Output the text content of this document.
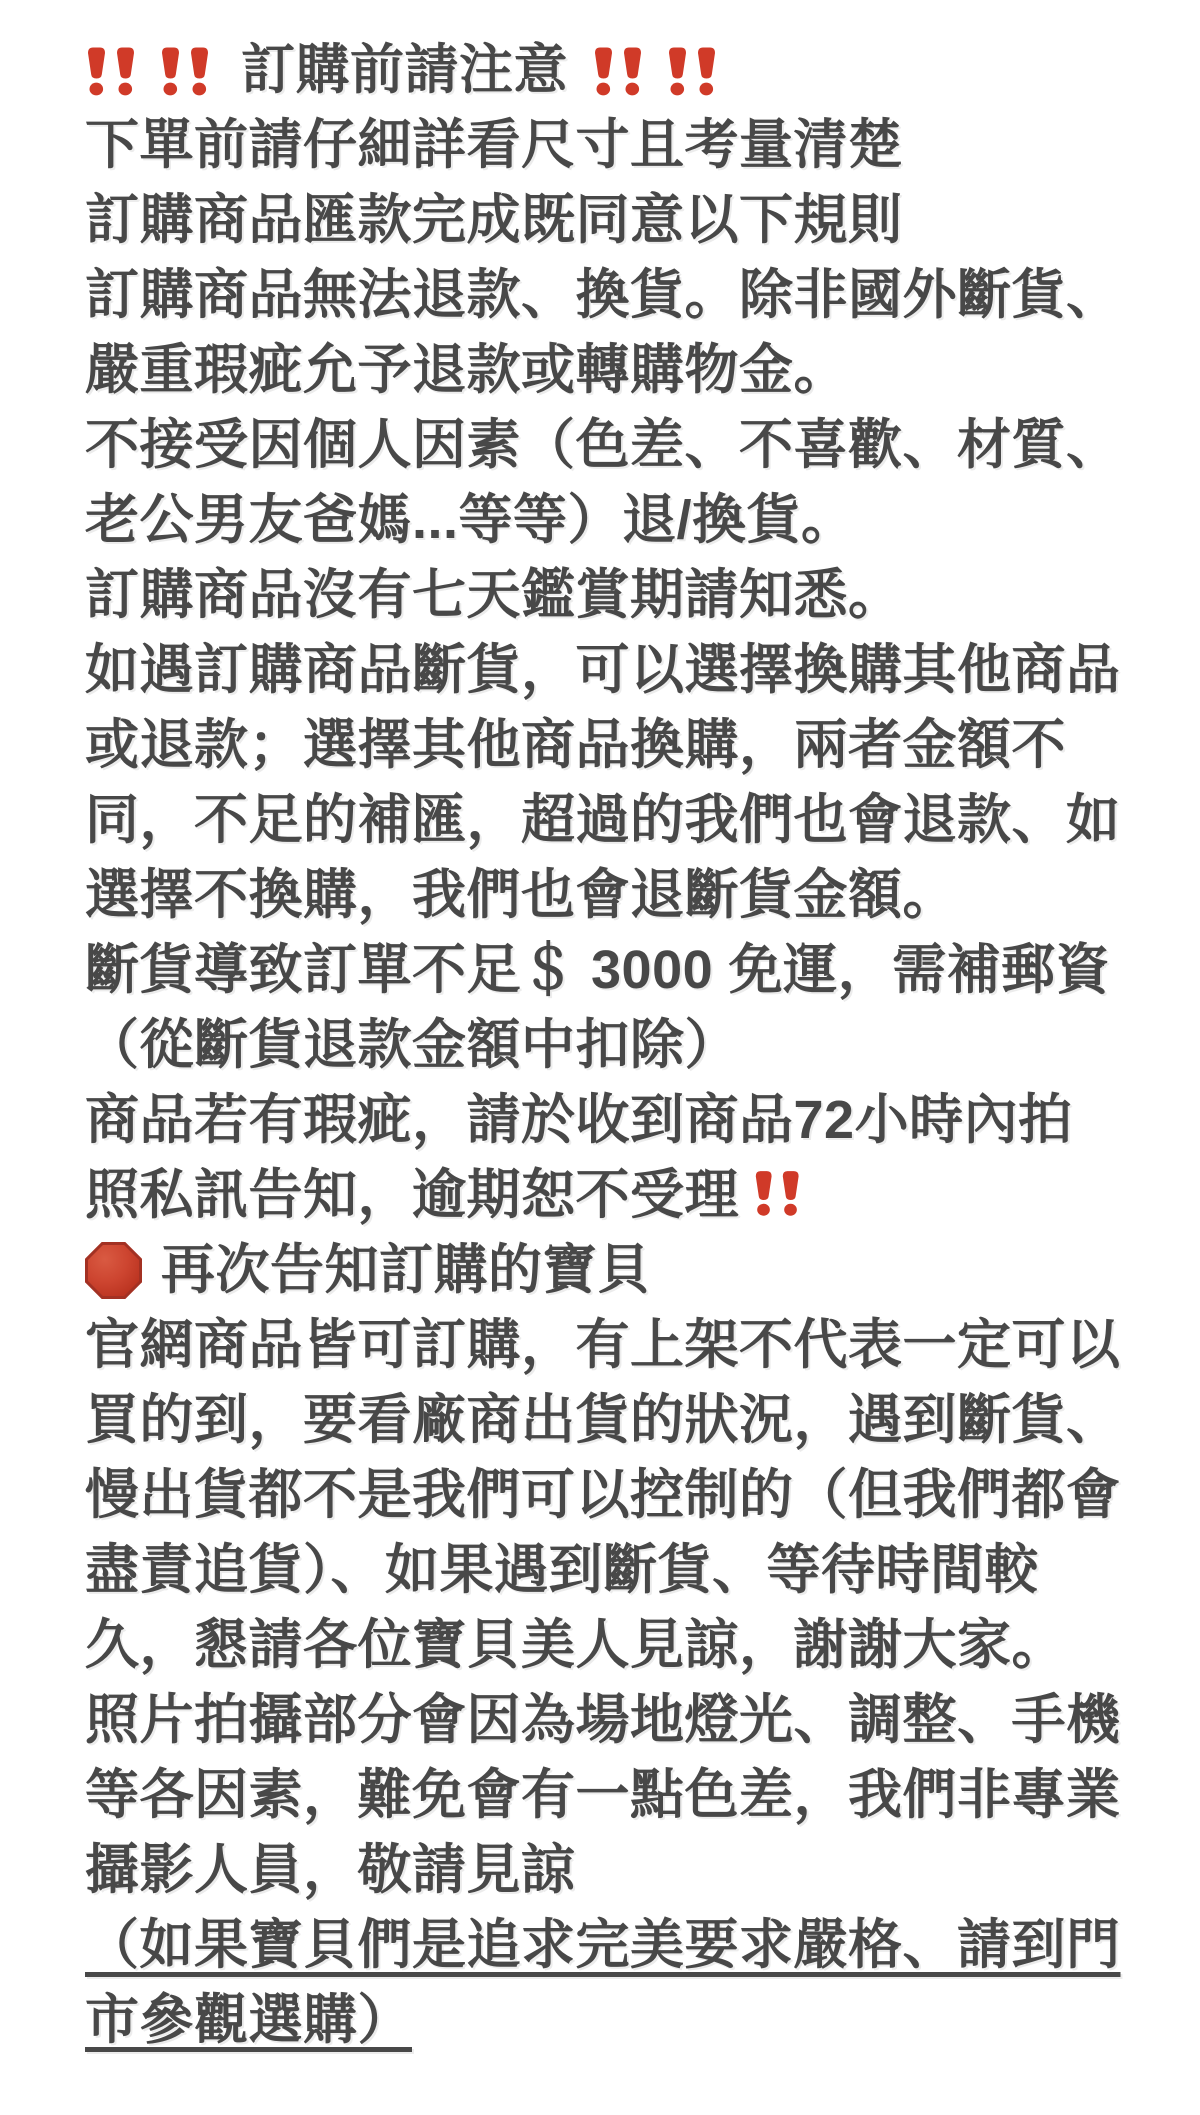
訂購前請注意
下單前請仔細詳看尺寸且考量清楚
訂購商品匯款完成既同意以下規則
訂購商品無法退款、換貨。除非國外斷貨、
嚴重瑕疵允予退款或轉購物金。
不接受因個人因素（色差、不喜歡、材質、
老公男友爸媽...等等）退/換貨。
訂購商品沒有七天鑑賞期請知悉。
如遇訂購商品斷貨，可以選擇換購其他商品
或退款；選擇其他商品換購，兩者金額不
同，不足的補匯，超過的我們也會退款、如
選擇不換購，我們也會退斷貨金額。
斷貨導致訂單不足＄ 3000 免運，需補郵資
（從斷貨退款金額中扣除）
商品若有瑕疵，請於收到商品72小時內拍
照私訊告知，逾期恕不受理
再次告知訂購的寶貝
官網商品皆可訂購，有上架不代表一定可以
買的到，要看廠商出貨的狀況，遇到斷貨、
慢出貨都不是我們可以控制的（但我們都會
盡責追貨）、如果遇到斷貨、等待時間較
久，懇請各位寶貝美人見諒，謝謝大家。
照片拍攝部分會因為場地燈光、調整、手機
等各因素，難免會有一點色差，我們非專業
攝影人員，敬請見諒
（如果寶貝們是追求完美要求嚴格、請到門
市參觀選購）
